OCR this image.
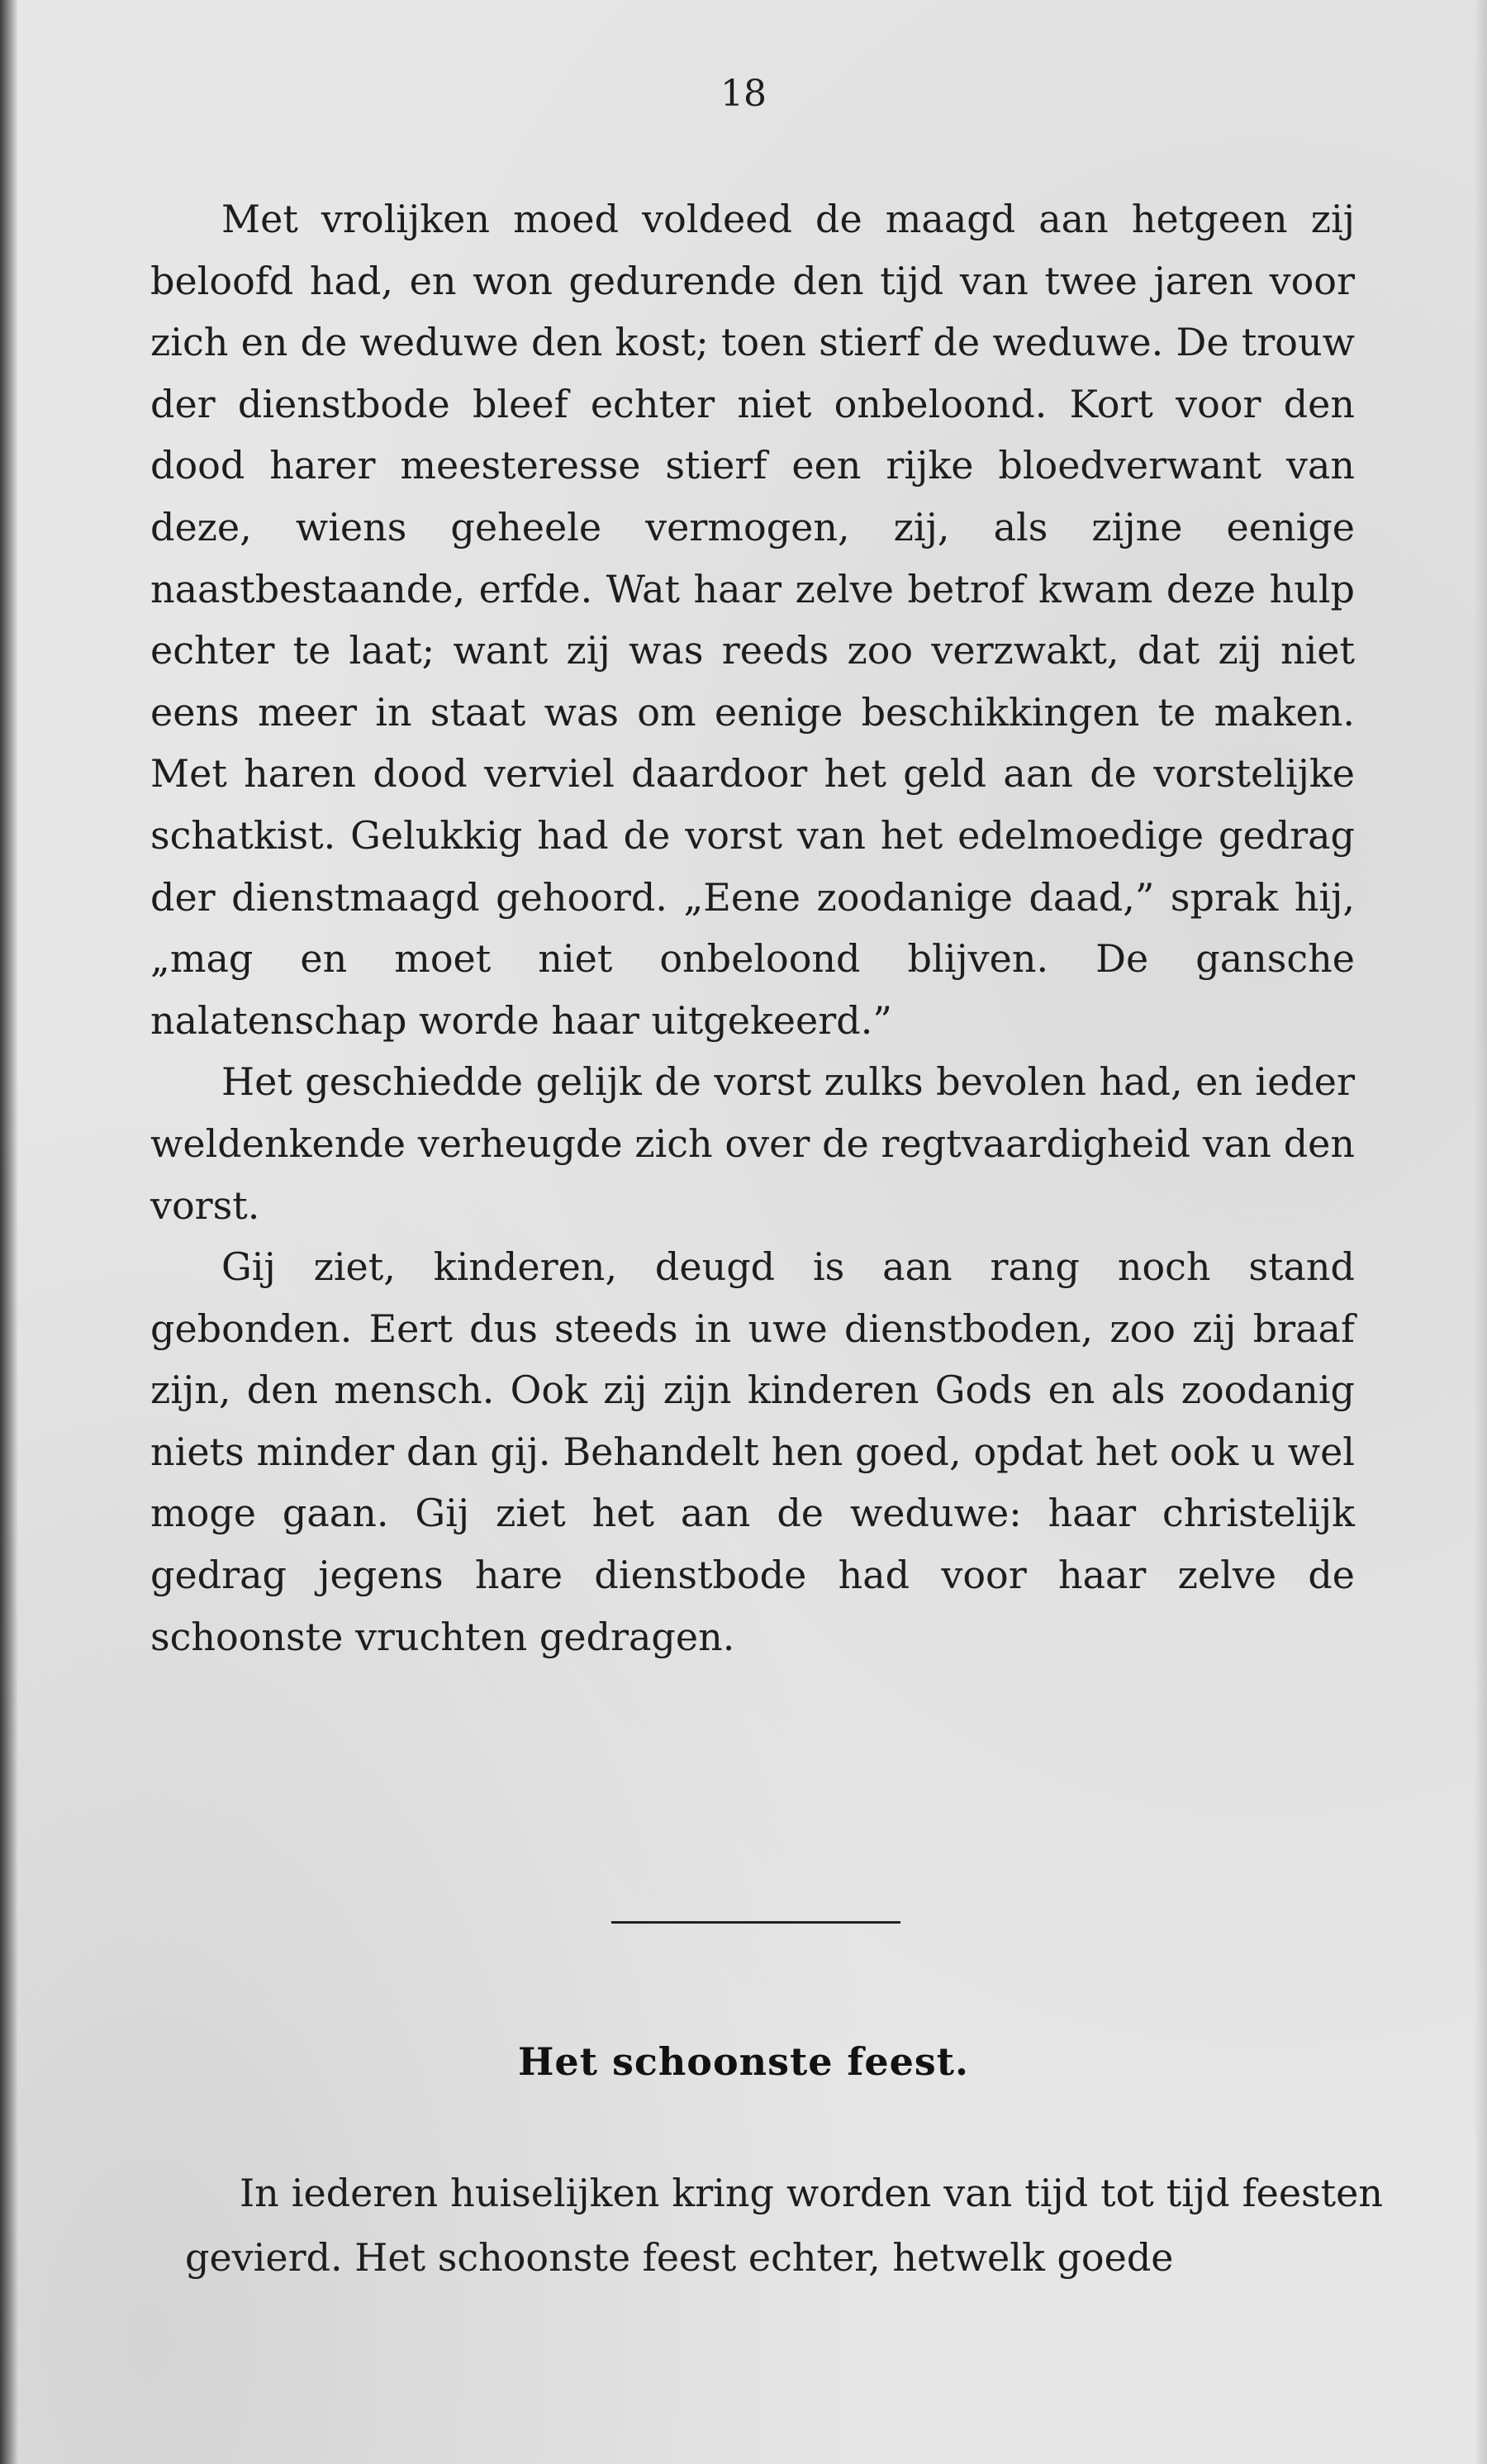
18

Met vrolijken moed voldeed de maagd aan hetgeen zij beloofd had, en won gedurende den tijd van twee jaren voor zich en de weduwe den kost; toen stierf de weduwe. De trouw der dienstbode bleef echter niet onbeloond. Kort voor den dood harer meesteresse stierf een rijke bloedverwant van deze, wiens geheele vermogen, zij, als zijne eenige naastbestaande, erfde. Wat haar zelve betrof kwam deze hulp echter te laat; want zij was reeds zoo verzwakt, dat zij niet eens meer in staat was om eenige beschikkingen te maken. Met haren dood verviel daardoor het geld aan de vorstelijke schatkist. Gelukkig had de vorst van het edelmoedige gedrag der dienstmaagd gehoord. „Eene zoodanige daad,” sprak hij, „mag en moet niet onbeloond blijven. De gansche nalatenschap worde haar uitgekeerd.”

Het geschiedde gelijk de vorst zulks bevolen had, en ieder weldenkende verheugde zich over de regtvaardigheid van den vorst.

Gij ziet, kinderen, deugd is aan rang noch stand gebonden. Eert dus steeds in uwe dienstboden, zoo zij braaf zijn, den mensch. Ook zij zijn kinderen Gods en als zoodanig niets minder dan gij. Behandelt hen goed, opdat het ook u wel moge gaan. Gij ziet het aan de weduwe: haar christelijk gedrag jegens hare dienstbode had voor haar zelve de schoonste vruchten gedragen.

Het schoonste feest.

In iederen huiselijken kring worden van tijd tot tijd feesten gevierd. Het schoonste feest echter, hetwelk goede
